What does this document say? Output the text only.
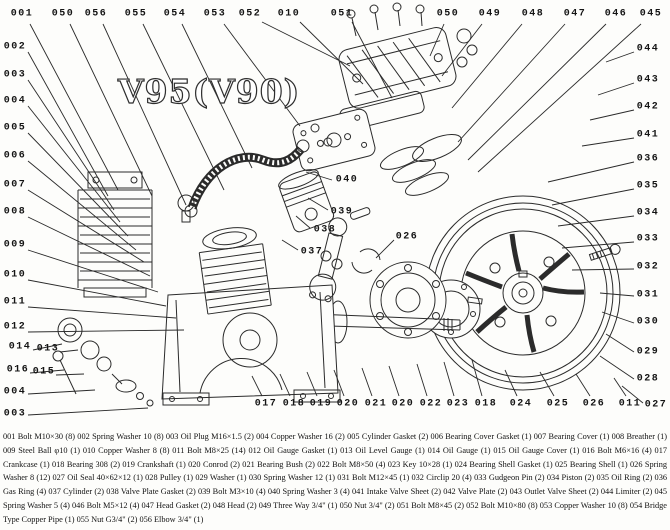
V95(V90)
001 050 056 055 054 053 052 010	051	050 049 048 047 046 045
002
003
004
005
006
007
008
009
010
011
012
014 013
016 015
004
003
044
043
042
041
036
035
034
033
032
031
030
029
028
027
017 018 019 020 021 020 022 023 018 024 025 026 011
040
039
038
037
026
001 Bolt M10×30 (8) 002 Spring Washer 10 (8) 003 Oil Plug M16×1.5 (2) 004 Copper Washer 16 (2) 005 Cylinder Gasket (2) 006 Bearing Cover Gasket (1) 007 Bearing Cover (1) 008 Breather (1) 009 Steel Ball φ10 (1) 010 Copper Washer 8 (8) 011 Bolt M8×25 (14) 012 Oil Gauge Gasket (1) 013 Oil Level Gauge (1) 014 Oil Gauge (1) 015 Oil Gauge Cover (1) 016 Bolt M6×16 (4) 017 Crankcase (1) 018 Bearing 308 (2) 019 Crankshaft (1) 020 Conrod (2) 021 Bearing Bush (2) 022 Bolt M8×50 (4) 023 Key 10×28 (1) 024 Bearing Shell Gasket (1) 025 Bearing Shell (1) 026 Spring Washer 8 (12) 027 Oil Seal 40×62×12 (1) 028 Pulley (1) 029 Washer (1) 030 Spring Washer 12 (1) 031 Bolt M12×45 (1) 032 Circlip 20 (4) 033 Gudgeon Pin (2) 034 Piston (2) 035 Oil Ring (2) 036 Gas Ring (4) 037 Cylinder (2) 038 Valve Plate Gasket (2) 039 Bolt M3×10 (4) 040 Spring Washer 3 (4) 041 Intake Valve Sheet (2) 042 Valve Plate (2) 043 Outlet Valve Sheet (2) 044 Limiter (2) 045 Spring Washer 5 (4) 046 Bolt M5×12 (4) 047 Head Gasket (2) 048 Head (2) 049 Three Way 3/4" (1) 050 Nut 3/4" (2) 051 Bolt M8×45 (2) 052 Bolt M10×80 (8) 053 Copper Washer 10 (8) 054 Bridge Type Copper Pipe (1) 055 Nut G3/4" (2) 056 Elbow 3/4" (1)
